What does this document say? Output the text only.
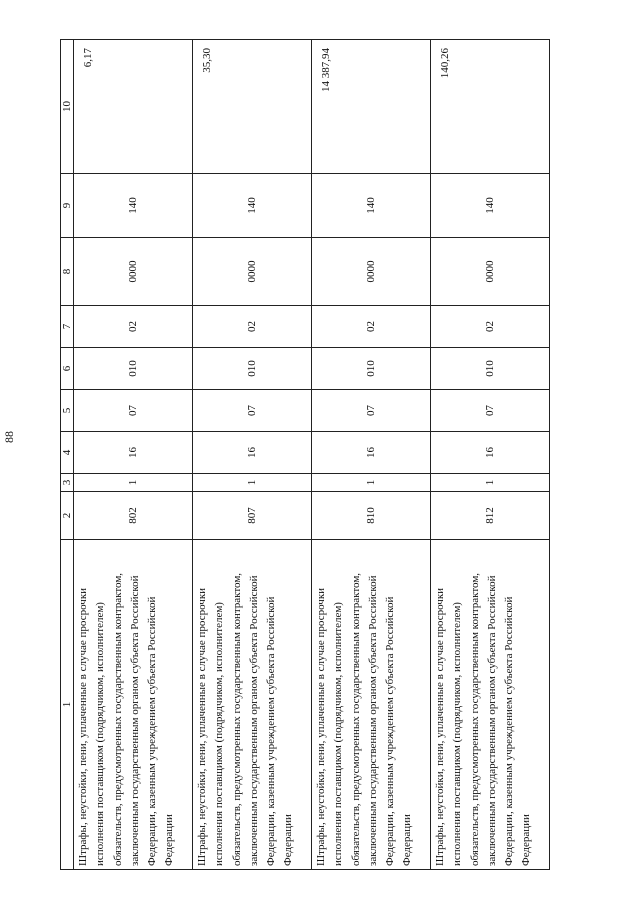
88
1	2	3	4	5	6	7	8	9	10
Штрафы, неустойки, пени, уплаченные в случае просрочки исполнения поставщиком (подрядчиком, исполнителем) обязательств, предусмотренных государственным контрактом, заключенным государственным органом субъекта Российской Федерации, казенным учреждением субъекта Российской Федерации	802	1	16	07	010	02	0000	140	6,17
Штрафы, неустойки, пени, уплаченные в случае просрочки исполнения поставщиком (подрядчиком, исполнителем) обязательств, предусмотренных государственным контрактом, заключенным государственным органом субъекта Российской Федерации, казенным учреждением субъекта Российской Федерации	807	1	16	07	010	02	0000	140	35,30
Штрафы, неустойки, пени, уплаченные в случае просрочки исполнения поставщиком (подрядчиком, исполнителем) обязательств, предусмотренных государственным контрактом, заключенным государственным органом субъекта Российской Федерации, казенным учреждением субъекта Российской Федерации	810	1	16	07	010	02	0000	140	14 387,94
Штрафы, неустойки, пени, уплаченные в случае просрочки исполнения поставщиком (подрядчиком, исполнителем) обязательств, предусмотренных государственным контрактом, заключенным государственным органом субъекта Российской Федерации, казенным учреждением субъекта Российской Федерации	812	1	16	07	010	02	0000	140	140,26
